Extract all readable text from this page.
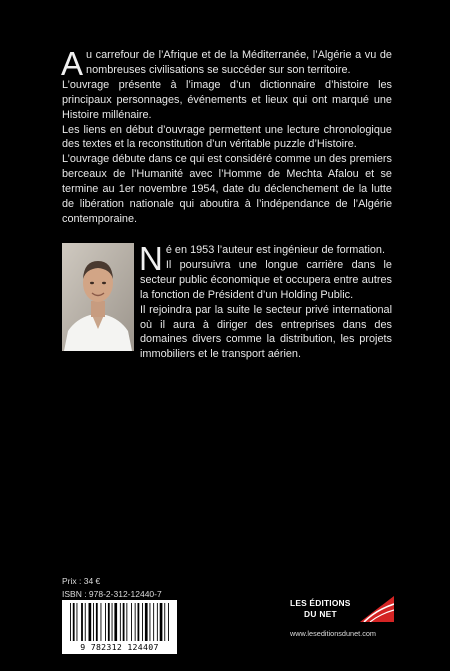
A u carrefour de l’Afrique et de la Méditerranée, l’Algérie a vu de nombreuses civilisations se succéder sur son territoire.

L’ouvrage présente à l’image d’un dictionnaire d’histoire les principaux personnages, événements et lieux qui ont marqué une Histoire millénaire.

Les liens en début d’ouvrage permettent une lecture chronologique des textes et la reconstitution d’un véritable puzzle d’Histoire.

L’ouvrage débute dans ce qui est considéré comme un des premiers berceaux de l’Humanité avec l’Homme de Mechta Afalou et se termine au 1er novembre 1954, date du déclenchement de la lutte de libération nationale qui aboutira à l’indépendance de l’Algérie contemporaine.

N é en 1953 l’auteur est ingénieur de formation.

Il poursuivra une longue carrière dans le secteur public économique et occupera entre autres la fonction de Président d’un Holding Public.

Il rejoindra par la suite le secteur privé international où il aura à diriger des entreprises dans des domaines divers comme la distribution, les projets immobiliers et le transport aérien.

Prix : 34 €
ISBN : 978-2-312-12440-7
9 782312 124407
LES ÉDITIONS
DU NET
www.leseditionsdunet.com
